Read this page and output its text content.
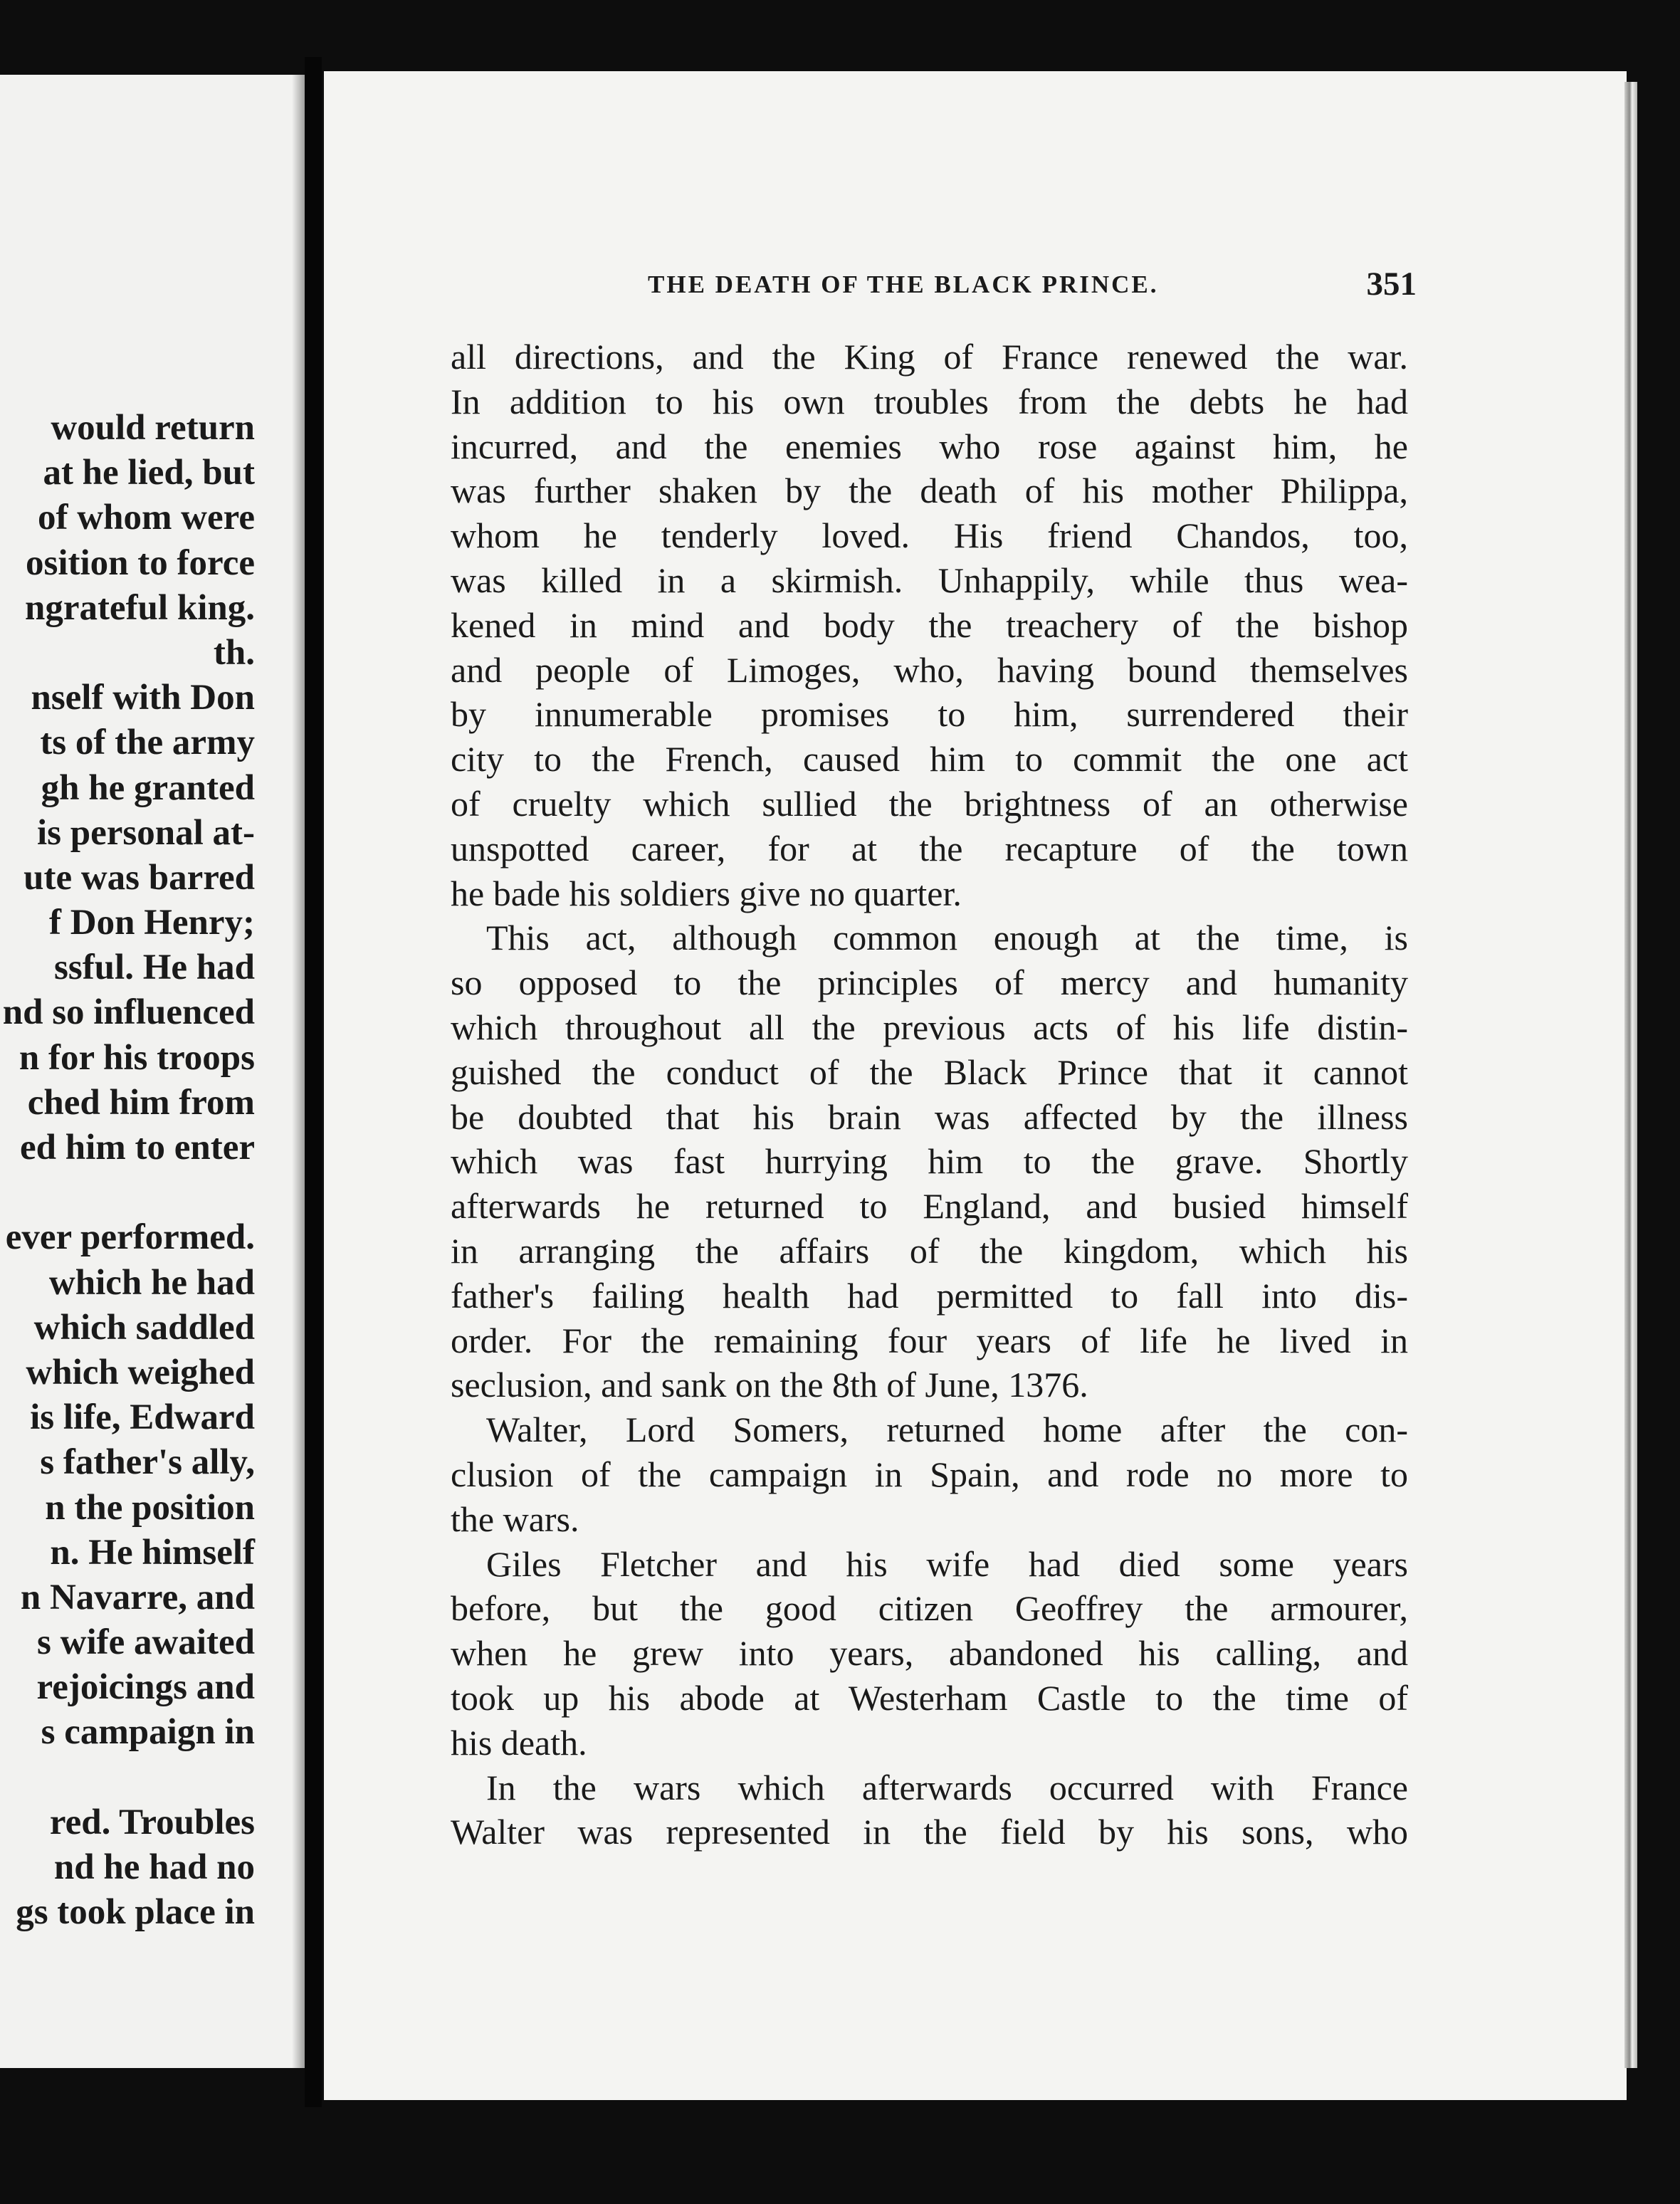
would return
at he lied, but
of whom were
osition to force
ngrateful king.
th.
nself with Don
ts of the army
gh he granted
is personal at-
ute was barred
f Don Henry;
ssful. He had
nd so influenced
n for his troops
ched him from
ed him to enter
ever performed.
which he had
which saddled
which weighed
is life, Edward
s father's ally,
n the position
n. He himself
n Navarre, and
s wife awaited
rejoicings and
s campaign in
red. Troubles
nd he had no
gs took place in
THE DEATH OF THE BLACK PRINCE.	351
all directions, and the King of France renewed the war.
In addition to his own troubles from the debts he had
incurred, and the enemies who rose against him, he
was further shaken by the death of his mother Philippa,
whom he tenderly loved. His friend Chandos, too,
was killed in a skirmish. Unhappily, while thus wea-
kened in mind and body the treachery of the bishop
and people of Limoges, who, having bound themselves
by innumerable promises to him, surrendered their
city to the French, caused him to commit the one act
of cruelty which sullied the brightness of an otherwise
unspotted career, for at the recapture of the town
he bade his soldiers give no quarter.
This act, although common enough at the time, is
so opposed to the principles of mercy and humanity
which throughout all the previous acts of his life distin-
guished the conduct of the Black Prince that it cannot
be doubted that his brain was affected by the illness
which was fast hurrying him to the grave. Shortly
afterwards he returned to England, and busied himself
in arranging the affairs of the kingdom, which his
father's failing health had permitted to fall into dis-
order. For the remaining four years of life he lived in
seclusion, and sank on the 8th of June, 1376.
Walter, Lord Somers, returned home after the con-
clusion of the campaign in Spain, and rode no more to
the wars.
Giles Fletcher and his wife had died some years
before, but the good citizen Geoffrey the armourer,
when he grew into years, abandoned his calling, and
took up his abode at Westerham Castle to the time of
his death.
In the wars which afterwards occurred with France
Walter was represented in the field by his sons, who
